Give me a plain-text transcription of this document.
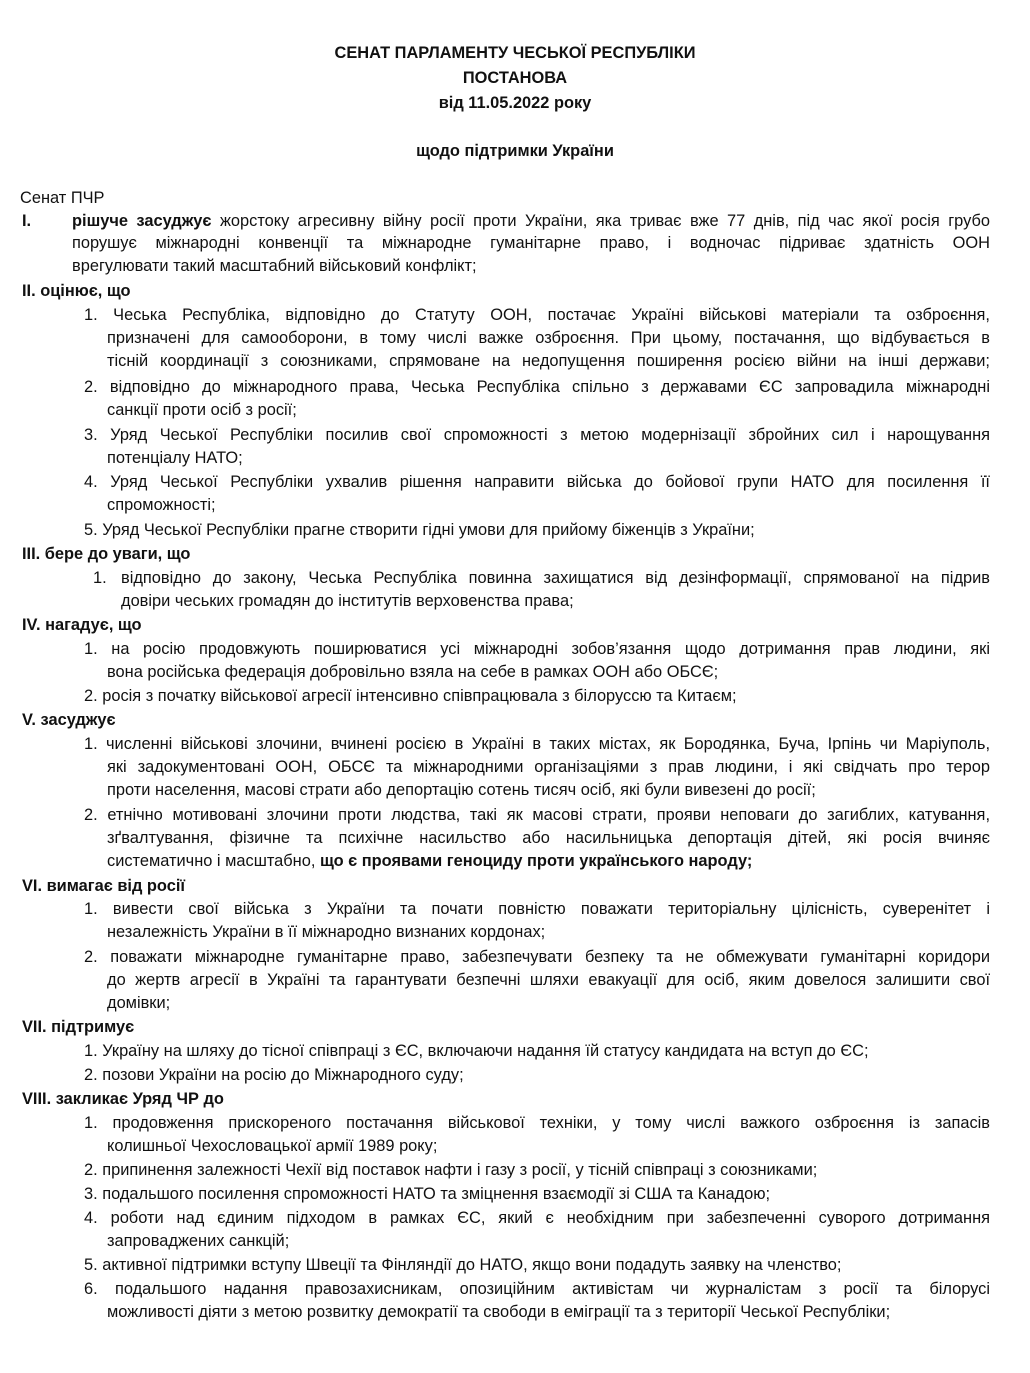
СЕНАТ ПАРЛАМЕНТУ ЧЕСЬКОЇ РЕСПУБЛІКИ
ПОСТАНОВА
від 11.05.2022 року
щодо підтримки України
Сенат ПЧР
I. рішуче засуджує жорстоку агресивну війну росії проти України, яка триває вже 77 днів, під час якої росія грубо
порушує міжнародні конвенції та міжнародне гуманітарне право, і водночас підриває здатність ООН
врегулювати такий масштабний військовий конфлікт;
II. оцінює, що
1. Чеська Республіка, відповідно до Статуту ООН, постачає Україні військові матеріали та озброєння,
призначені для самооборони, в тому числі важке озброєння. При цьому, постачання, що відбувається в
тісній координації з союзниками, спрямоване на недопущення поширення росією війни на інші держави;
2. відповідно до міжнародного права, Чеська Республіка спільно з державами ЄС запровадила міжнародні
санкції проти осіб з росії;
3. Уряд Чеської Республіки посилив свої спроможності з метою модернізації збройних сил і нарощування
потенціалу НАТО;
4. Уряд Чеської Республіки ухвалив рішення направити війська до бойової групи НАТО для посилення її
спроможності;
5. Уряд Чеської Республіки прагне створити гідні умови для прийому біженців з України;
III. бере до уваги, що
1. відповідно до закону, Чеська Республіка повинна захищатися від дезінформації, спрямованої на підрив
довіри чеських громадян до інститутів верховенства права;
IV. нагадує, що
1. на росію продовжують поширюватися усі міжнародні зобов’язання щодо дотримання прав людини, які
вона російська федерація добровільно взяла на себе в рамках ООН або ОБСЄ;
2. росія з початку військової агресії інтенсивно співпрацювала з білоруссю та Китаєм;
V. засуджує
1. численні військові злочини, вчинені росією в Україні в таких містах, як Бородянка, Буча, Ірпінь чи Маріуполь,
які задокументовані ООН, ОБСЄ та міжнародними організаціями з прав людини, і які свідчать про терор
проти населення, масові страти або депортацію сотень тисяч осіб, які були вивезені до росії;
2. етнічно мотивовані злочини проти людства, такі як масові страти, прояви неповаги до загиблих, катування,
зґвалтування, фізичне та психічне насильство або насильницька депортація дітей, які росія вчиняє
систематично і масштабно, що є проявами геноциду проти українського народу;
VI. вимагає від росії
1. вивести свої війська з України та почати повністю поважати територіальну цілісність, суверенітет і
незалежність України в її міжнародно визнаних кордонах;
2. поважати міжнародне гуманітарне право, забезпечувати безпеку та не обмежувати гуманітарні коридори
до жертв агресії в Україні та гарантувати безпечні шляхи евакуації для осіб, яким довелося залишити свої
домівки;
VII. підтримує
1. Україну на шляху до тісної співпраці з ЄС, включаючи надання їй статусу кандидата на вступ до ЄС;
2. позови України на росію до Міжнародного суду;
VIII. закликає Уряд ЧР до
1. продовження прискореного постачання військової техніки, у тому числі важкого озброєння із запасів
колишньої Чехословацької армії 1989 року;
2. припинення залежності Чехії від поставок нафти і газу з росії, у тісній співпраці з союзниками;
3. подальшого посилення спроможності НАТО та зміцнення взаємодії зі США та Канадою;
4. роботи над єдиним підходом в рамках ЄС, який є необхідним при забезпеченні суворого дотримання
запроваджених санкцій;
5. активної підтримки вступу Швеції та Фінляндії до НАТО, якщо вони подадуть заявку на членство;
6. подальшого надання правозахисникам, опозиційним активістам чи журналістам з росії та білорусі
можливості діяти з метою розвитку демократії та свободи в еміграції та з території Чеської Республіки;
